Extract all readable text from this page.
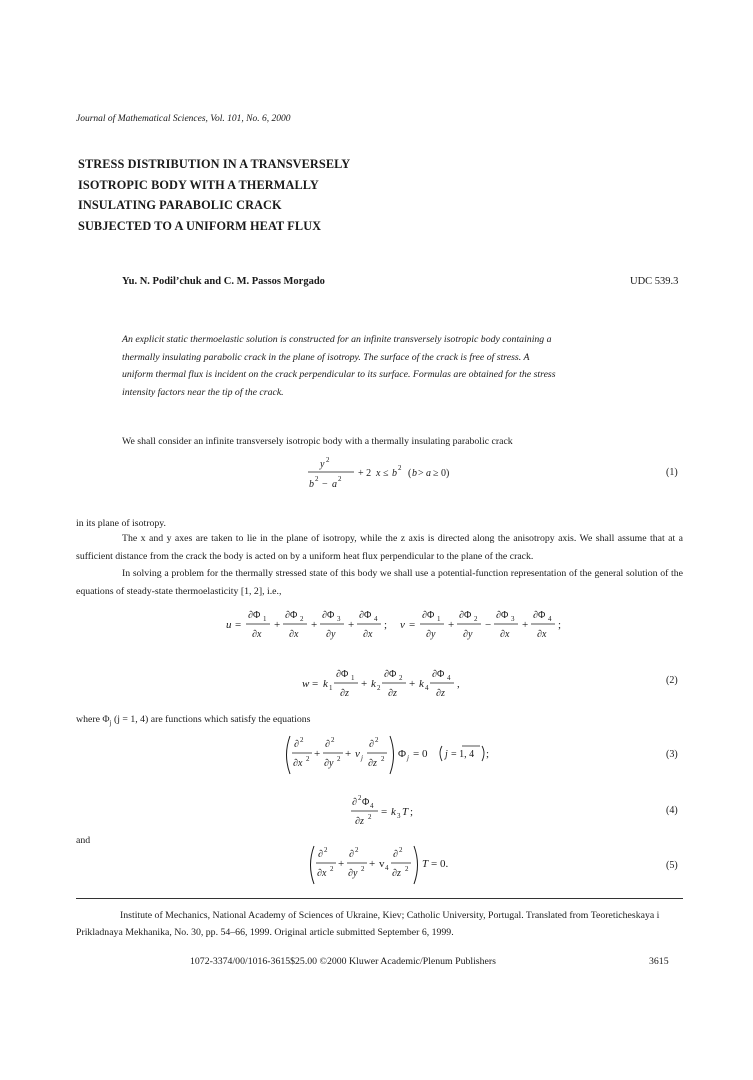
Journal of Mathematical Sciences, Vol. 101, No. 6, 2000
STRESS DISTRIBUTION IN A TRANSVERSELY
ISOTROPIC BODY WITH A THERMALLY
INSULATING PARABOLIC CRACK
SUBJECTED TO A UNIFORM HEAT FLUX
Yu. N. Podil’chuk and C. M. Passos Morgado	UDC 539.3
An explicit static thermoelastic solution is constructed for an infinite transversely isotropic body containing a
thermally insulating parabolic crack in the plane of isotropy. The surface of the crack is free of stress. A
uniform thermal flux is incident on the crack perpendicular to its surface. Formulas are obtained for the stress
intensity factors near the tip of the crack.
We shall consider an infinite transversely isotropic body with a thermally insulating parabolic crack
y 2
b 2 − a 2 + 2 x ≤ b 2 ( b > a ≥ 0)	(1)
in its plane of isotropy.
The x and y axes are taken to lie in the plane of isotropy, while the z axis is directed along the anisotropy axis. We shall assume that at a sufficient distance from the crack the body is acted on by a uniform heat flux perpendicular to the plane of the crack.
In solving a problem for the thermally stressed state of this body we shall use a potential-function representation of the general solution of the equations of steady-state thermoelasticity [1, 2], i.e.,
u =
∂Φ 1
∂x
+
∂Φ 2
∂x
+
∂Φ 3
∂y
+
∂Φ 4
∂x
; v =
∂Φ 1
∂y
+
∂Φ 2
∂y
−
∂Φ 3
∂x
+
∂Φ 4
∂x
;
w = k 1
∂Φ 1
∂z
+ k 2
∂Φ 2
∂z
+ k 4
∂Φ 4
∂z
,	(2)
where $\Phi_j$ (j = 1, 4) are functions which satisfy the equations
∂ 2
∂x 2 +
∂ 2
∂y 2 + v j
∂ 2
∂z 2 Φ j = 0 j = 1, 4 ;	(3)
∂ 2 Φ 4
∂z 2 = k 3 T ;	(4)
and
∂ 2
∂x 2 +
∂ 2
∂y 2 + v 4
∂ 2
∂z 2 T = 0.	(5)
Institute of Mechanics, National Academy of Sciences of Ukraine, Kiev; Catholic University, Portugal. Translated from Teoreticheskaya i Prikladnaya Mekhanika, No. 30, pp. 54–66, 1999. Original article submitted September 6, 1999.
1072-3374/00/1016-3615$25.00 ©2000 Kluwer Academic/Plenum Publishers	3615
